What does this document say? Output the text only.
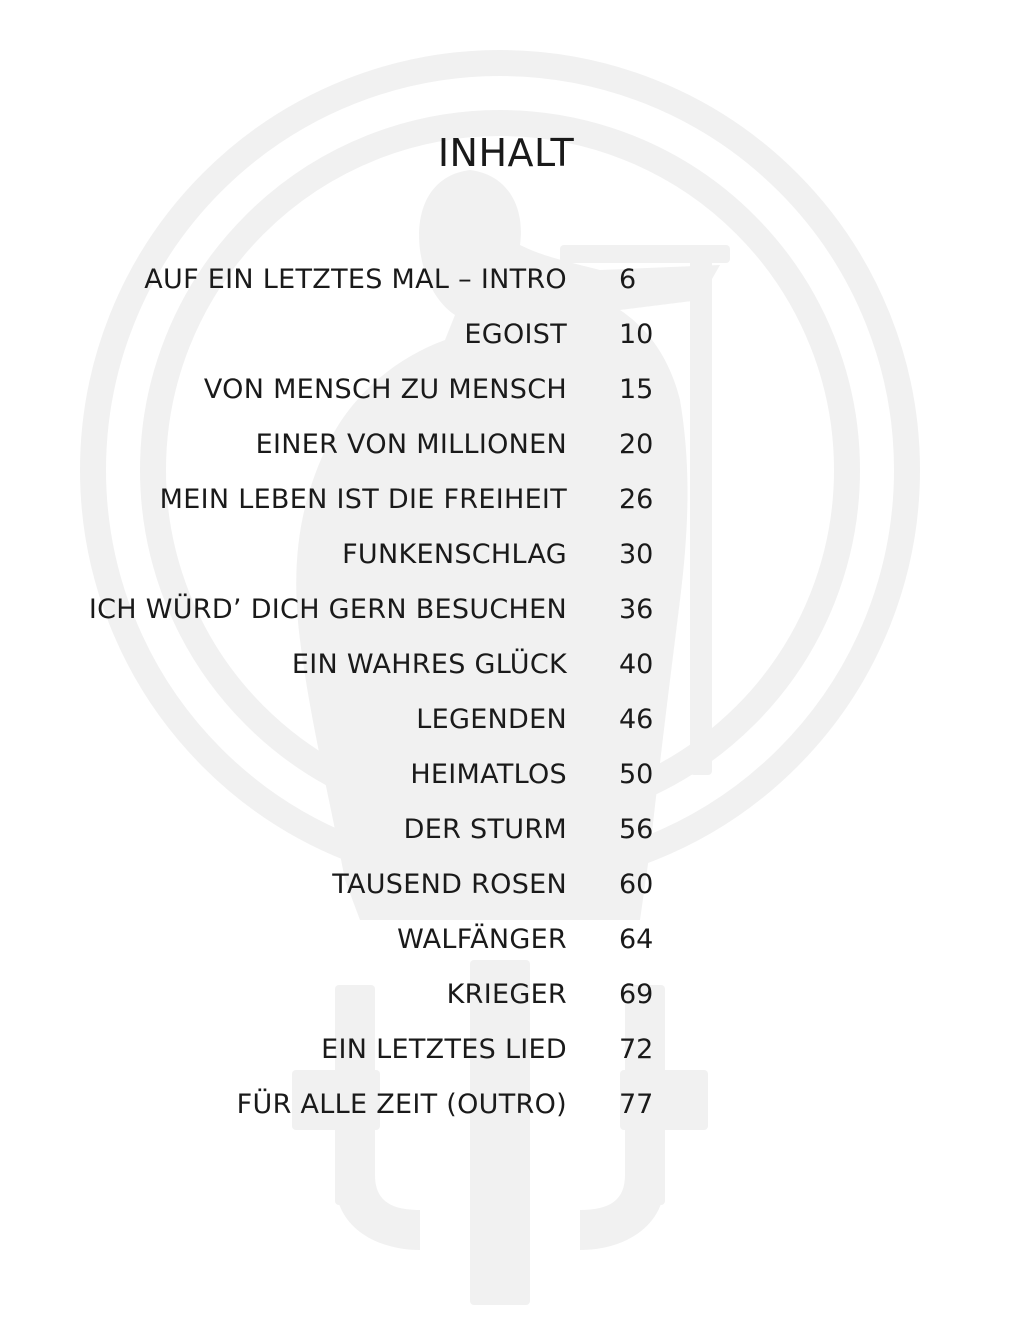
INHALT
AUF EIN LETZTES MAL – INTRO 6
EGOIST 10
VON MENSCH ZU MENSCH 15
EINER VON MILLIONEN 20
MEIN LEBEN IST DIE FREIHEIT 26
FUNKENSCHLAG 30
ICH WÜRD’ DICH GERN BESUCHEN 36
EIN WAHRES GLÜCK 40
LEGENDEN 46
HEIMATLOS 50
DER STURM 56
TAUSEND ROSEN 60
WALFÄNGER 64
KRIEGER 69
EIN LETZTES LIED 72
FÜR ALLE ZEIT (OUTRO) 77
